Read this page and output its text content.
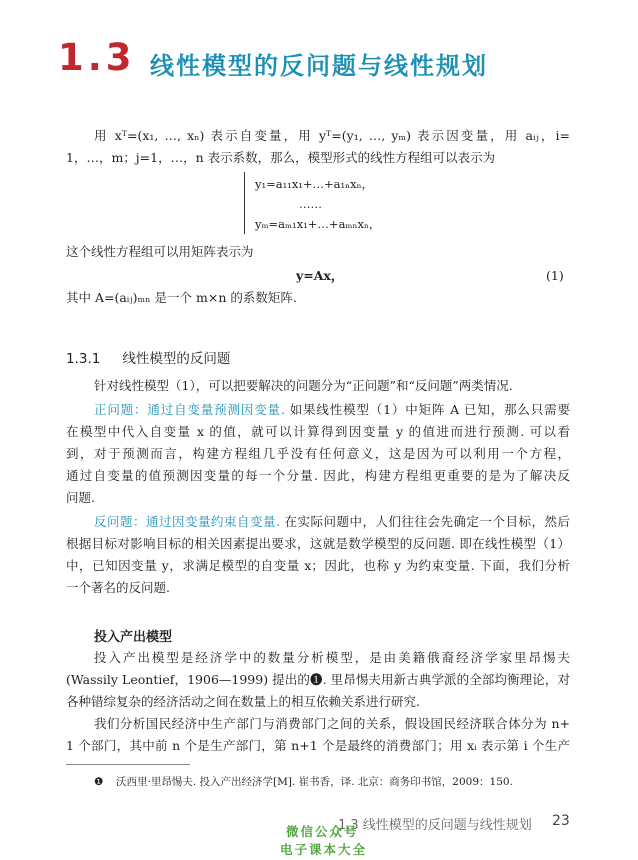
1.3 线性模型的反问题与线性规划
用 xᵀ=(x₁, …, xₙ) 表示自变量，用 yᵀ=(y₁, …, yₘ) 表示因变量，用 aᵢⱼ，i=
1，…，m；j=1，…，n 表示系数，那么，模型形式的线性方程组可以表示为
y₁=a₁₁x₁+…+a₁ₙxₙ，
……
yₘ=aₘ₁x₁+…+aₘₙxₙ，
这个线性方程组可以用矩阵表示为
y=Ax，	(1)
其中 A=(aᵢⱼ)ₘₙ 是一个 m×n 的系数矩阵.
1.3.1 线性模型的反问题
针对线性模型（1），可以把要解决的问题分为“正问题”和“反问题”两类情况.
正问题：通过自变量预测因变量. 如果线性模型（1）中矩阵 A 已知，那么只需要
在模型中代入自变量 x 的值，就可以计算得到因变量 y 的值进而进行预测. 可以看
到，对于预测而言，构建方程组几乎没有任何意义，这是因为可以利用一个方程，
通过自变量的值预测因变量的每一个分量. 因此，构建方程组更重要的是为了解决反
问题.
反问题：通过因变量约束自变量. 在实际问题中，人们往往会先确定一个目标，然后
根据目标对影响目标的相关因素提出要求，这就是数学模型的反问题. 即在线性模型（1）
中，已知因变量 y，求满足模型的自变量 x；因此，也称 y 为约束变量. 下面，我们分析
一个著名的反问题.
投入产出模型
投入产出模型是经济学中的数量分析模型，是由美籍俄裔经济学家里昂惕夫
(Wassily Leontief，1906—1999) 提出的❶. 里昂惕夫用新古典学派的全部均衡理论，对
各种错综复杂的经济活动之间在数量上的相互依赖关系进行研究.
我们分析国民经济中生产部门与消费部门之间的关系，假设国民经济联合体分为 n+
1 个部门，其中前 n 个是生产部门，第 n+1 个是最终的消费部门；用 xᵢ 表示第 i 个生产
❶ 沃西里·里昂惕夫. 投入产出经济学[M]. 崔书香，译. 北京：商务印书馆，2009：150.
1.3 线性模型的反问题与线性规划 23
微信公众号
电子课本大全
